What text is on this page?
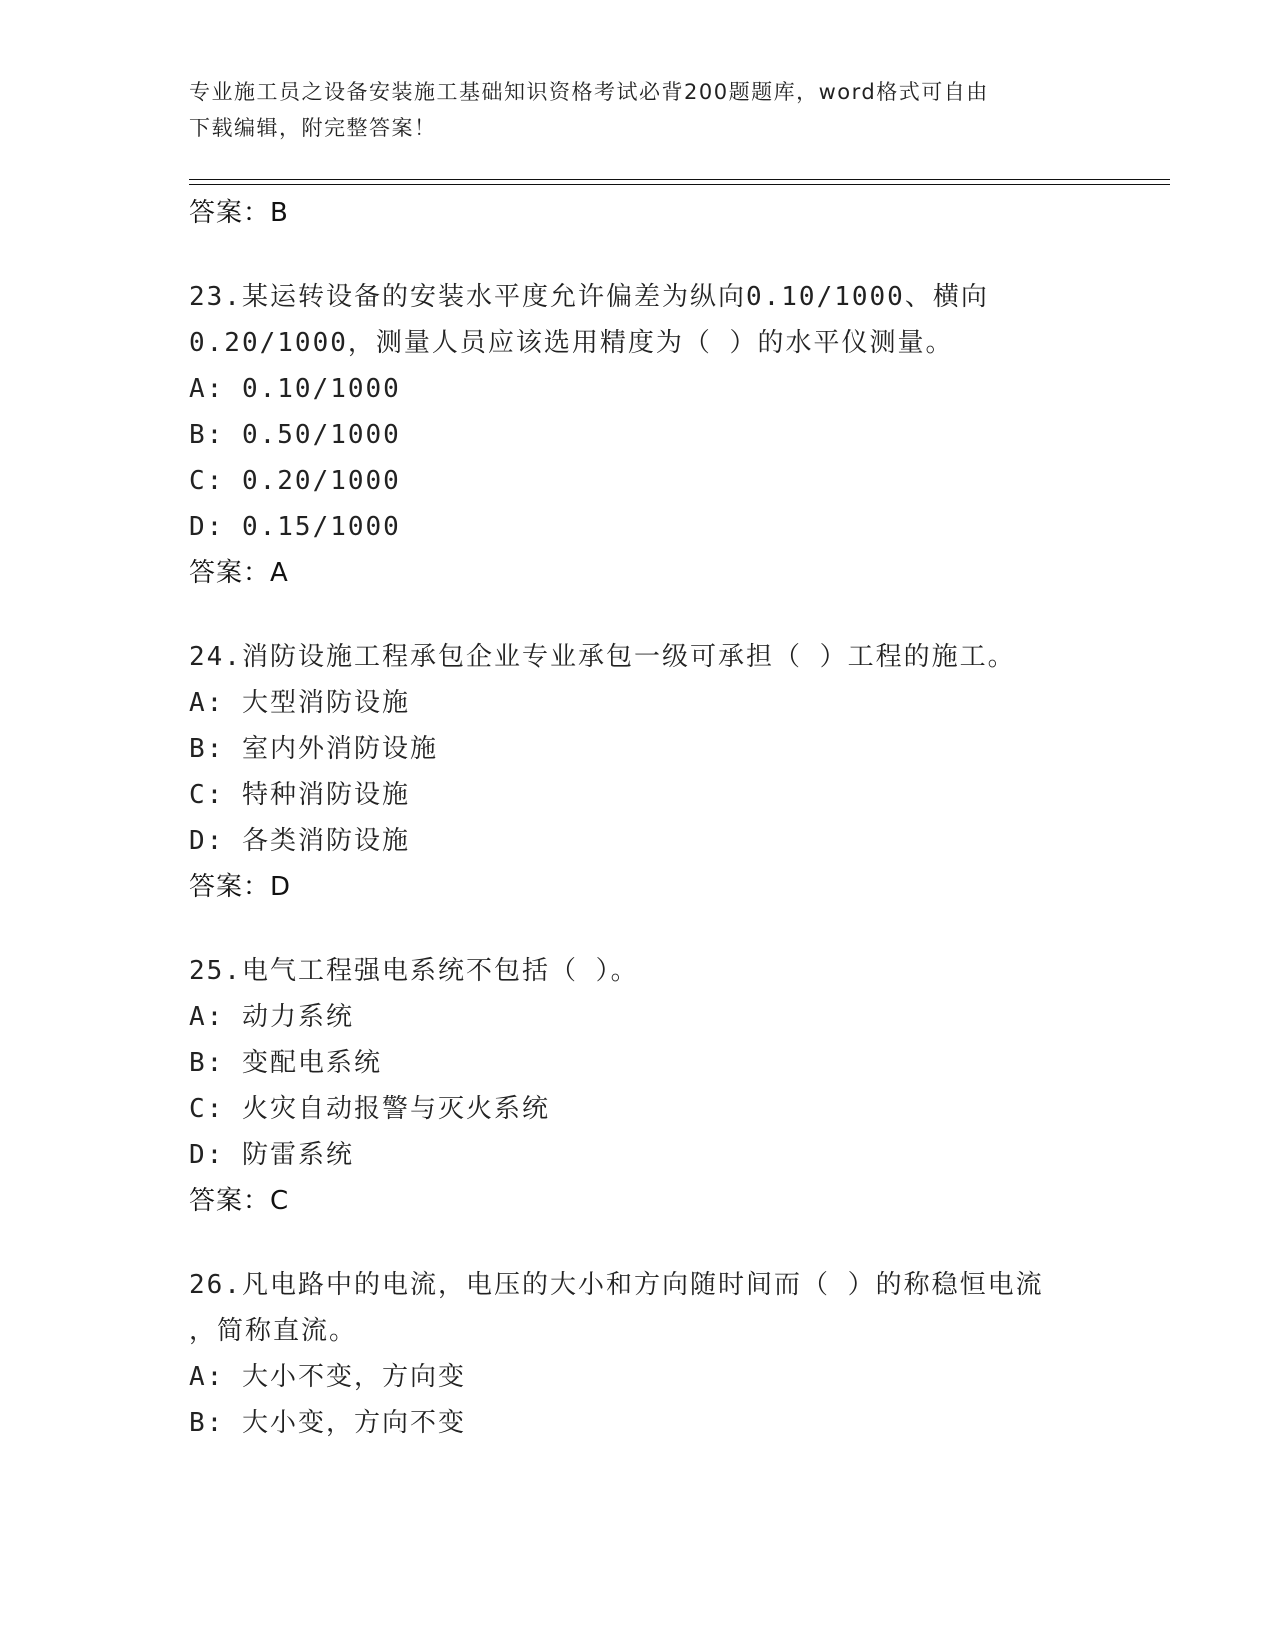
专业施工员之设备安装施工基础知识资格考试必背200题题库，word格式可自由
下载编辑，附完整答案！
答案：B
23.某运转设备的安装水平度允许偏差为纵向0.10/1000、横向
0.20/1000，测量人员应该选用精度为（ ）的水平仪测量。
A: 0.10/1000
B: 0.50/1000
C: 0.20/1000
D: 0.15/1000
答案：A
24.消防设施工程承包企业专业承包一级可承担（ ）工程的施工。
A: 大型消防设施
B: 室内外消防设施
C: 特种消防设施
D: 各类消防设施
答案：D
25.电气工程强电系统不包括（ ）。
A: 动力系统
B: 变配电系统
C: 火灾自动报警与灭火系统
D: 防雷系统
答案：C
26.凡电路中的电流，电压的大小和方向随时间而（ ）的称稳恒电流
，简称直流。
A: 大小不变，方向变
B: 大小变，方向不变
